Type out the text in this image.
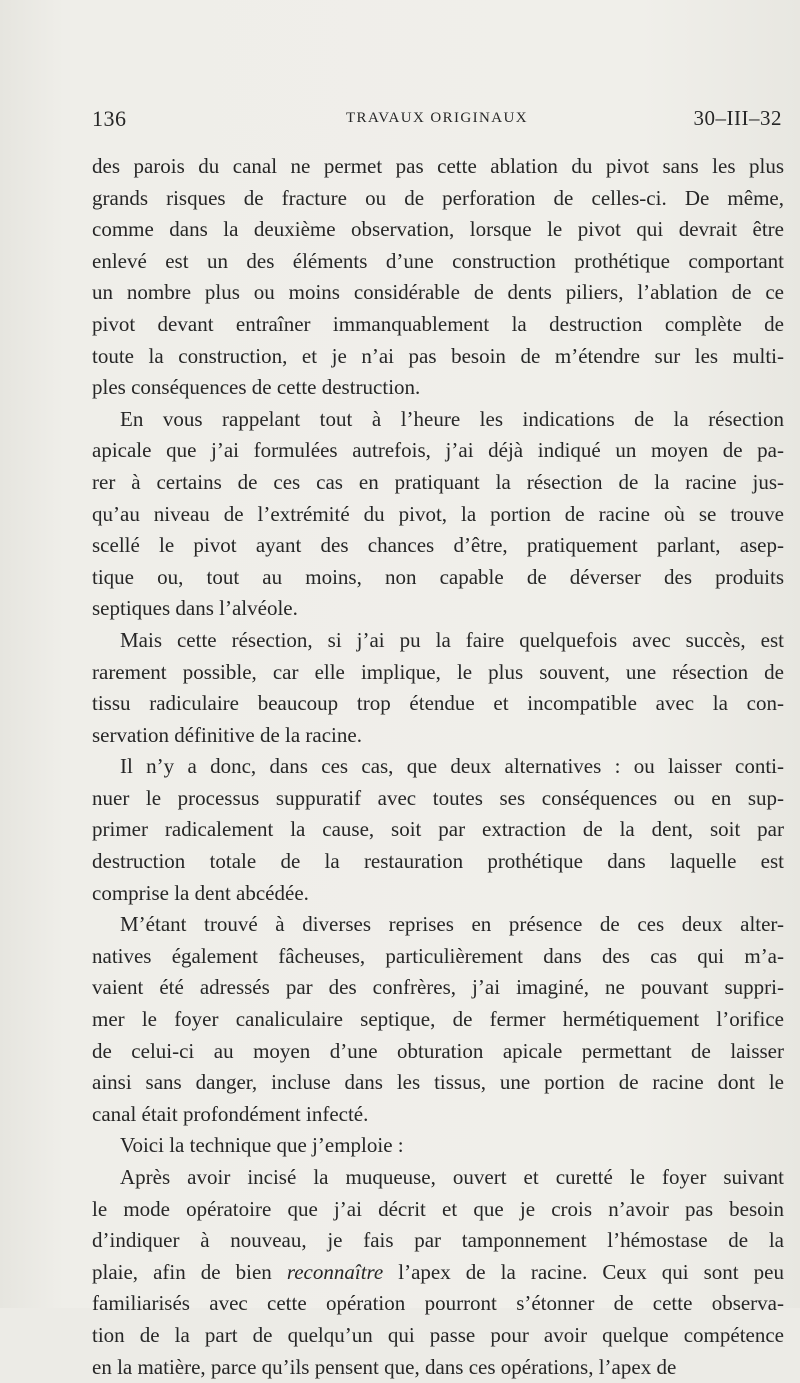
136	TRAVAUX ORIGINAUX	30–III–32
des parois du canal ne permet pas cette ablation du pivot sans les plus
grands risques de fracture ou de perforation de celles-ci. De même,
comme dans la deuxième observation, lorsque le pivot qui devrait être
enlevé est un des éléments d’une construction prothétique comportant
un nombre plus ou moins considérable de dents piliers, l’ablation de ce
pivot devant entraîner immanquablement la destruction complète de
toute la construction, et je n’ai pas besoin de m’étendre sur les multi-
ples conséquences de cette destruction.
En vous rappelant tout à l’heure les indications de la résection
apicale que j’ai formulées autrefois, j’ai déjà indiqué un moyen de pa-
rer à certains de ces cas en pratiquant la résection de la racine jus-
qu’au niveau de l’extrémité du pivot, la portion de racine où se trouve
scellé le pivot ayant des chances d’être, pratiquement parlant, asep-
tique ou, tout au moins, non capable de déverser des produits
septiques dans l’alvéole.
Mais cette résection, si j’ai pu la faire quelquefois avec succès, est
rarement possible, car elle implique, le plus souvent, une résection de
tissu radiculaire beaucoup trop étendue et incompatible avec la con-
servation définitive de la racine.
Il n’y a donc, dans ces cas, que deux alternatives : ou laisser conti-
nuer le processus suppuratif avec toutes ses conséquences ou en sup-
primer radicalement la cause, soit par extraction de la dent, soit par
destruction totale de la restauration prothétique dans laquelle est
comprise la dent abcédée.
M’étant trouvé à diverses reprises en présence de ces deux alter-
natives également fâcheuses, particulièrement dans des cas qui m’a-
vaient été adressés par des confrères, j’ai imaginé, ne pouvant suppri-
mer le foyer canaliculaire septique, de fermer hermétiquement l’orifice
de celui-ci au moyen d’une obturation apicale permettant de laisser
ainsi sans danger, incluse dans les tissus, une portion de racine dont le
canal était profondément infecté.
Voici la technique que j’emploie :
Après avoir incisé la muqueuse, ouvert et curetté le foyer suivant
le mode opératoire que j’ai décrit et que je crois n’avoir pas besoin
d’indiquer à nouveau, je fais par tamponnement l’hémostase de la
plaie, afin de bien reconnaître l’apex de la racine. Ceux qui sont peu
familiarisés avec cette opération pourront s’étonner de cette observa-
tion de la part de quelqu’un qui passe pour avoir quelque compétence
en la matière, parce qu’ils pensent que, dans ces opérations, l’apex de
